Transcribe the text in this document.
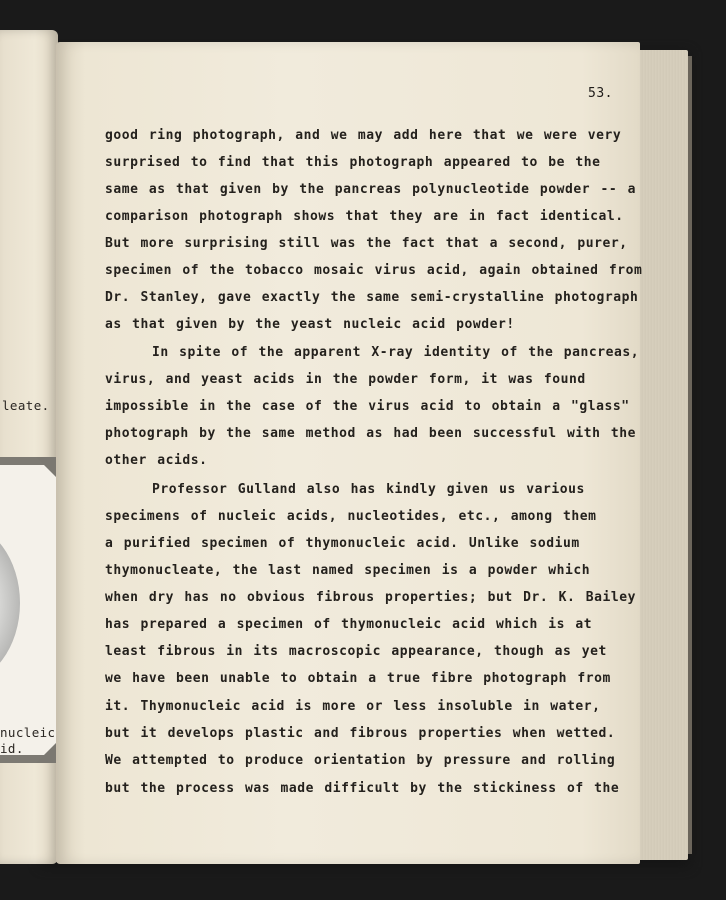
leate.
nucleic
id.
53.
good ring photograph, and we may add here that we were very
surprised to find that this photograph appeared to be the
same as that given by the pancreas polynucleotide powder -- a
comparison photograph shows that they are in fact identical.
But more surprising still was the fact that a second, purer,
specimen of the tobacco mosaic virus acid, again obtained from
Dr. Stanley, gave exactly the same semi-crystalline photograph
as that given by the yeast nucleic acid powder!
In spite of the apparent X-ray identity of the pancreas,
virus, and yeast acids in the powder form, it was found
impossible in the case of the virus acid to obtain a "glass"
photograph by the same method as had been successful with the
other acids.
Professor Gulland also has kindly given us various
specimens of nucleic acids, nucleotides, etc., among them
a purified specimen of thymonucleic acid. Unlike sodium
thymonucleate, the last named specimen is a powder which
when dry has no obvious fibrous properties; but Dr. K. Bailey
has prepared a specimen of thymonucleic acid which is at
least fibrous in its macroscopic appearance, though as yet
we have been unable to obtain a true fibre photograph from
it. Thymonucleic acid is more or less insoluble in water,
but it develops plastic and fibrous properties when wetted.
We attempted to produce orientation by pressure and rolling
but the process was made difficult by the stickiness of the
